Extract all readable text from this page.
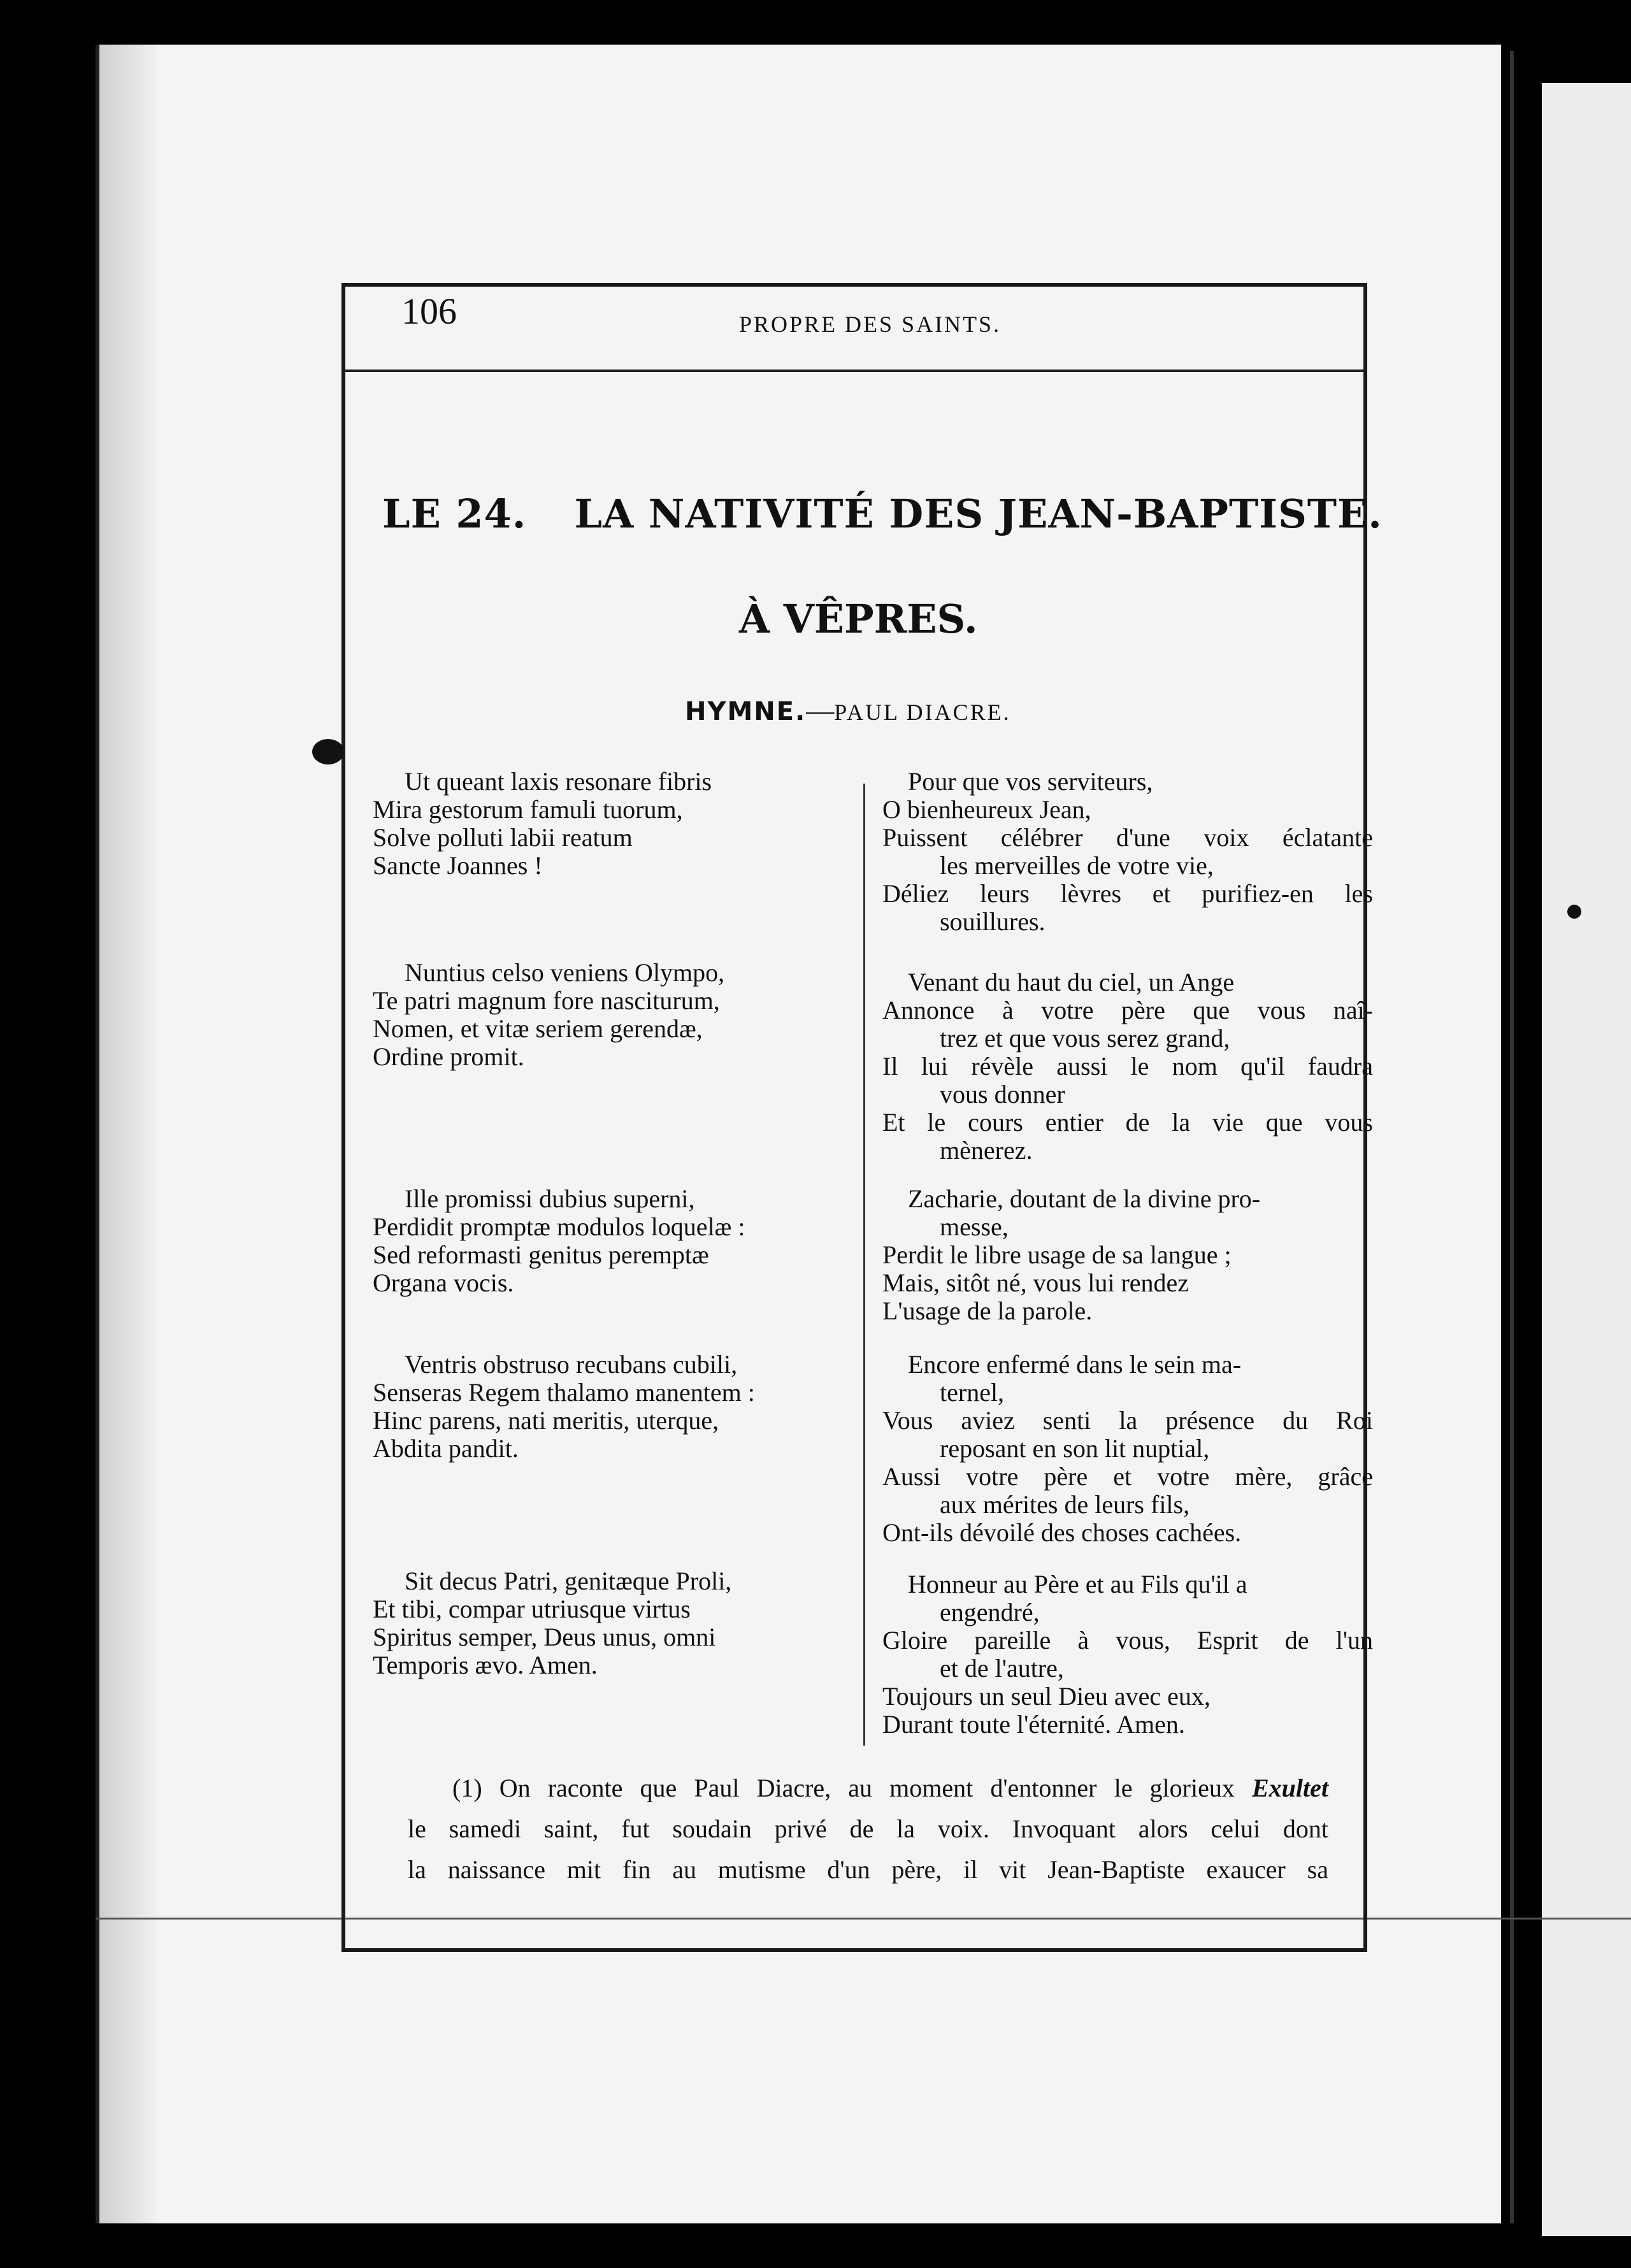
106	PROPRE DES SAINTS.
LE 24. LA NATIVITÉ DES JEAN-BAPTISTE.
À VÊPRES.
HYMNE.—PAUL DIACRE.
Ut queant laxis resonare fibris
Mira gestorum famuli tuorum,
Solve polluti labii reatum
Sancte Joannes !
Nuntius celso veniens Olympo,
Te patri magnum fore nasciturum,
Nomen, et vitæ seriem gerendæ,
Ordine promit.
Ille promissi dubius superni,
Perdidit promptæ modulos loquelæ :
Sed reformasti genitus peremptæ
Organa vocis.
Ventris obstruso recubans cubili,
Senseras Regem thalamo manentem :
Hinc parens, nati meritis, uterque,
Abdita pandit.
Sit decus Patri, genitæque Proli,
Et tibi, compar utriusque virtus
Spiritus semper, Deus unus, omni
Temporis ævo. Amen.
Pour que vos serviteurs,
O bienheureux Jean,
Puissent célébrer d'une voix éclatante
les merveilles de votre vie,
Déliez leurs lèvres et purifiez-en les
souillures.
Venant du haut du ciel, un Ange
Annonce à votre père que vous naî-
trez et que vous serez grand,
Il lui révèle aussi le nom qu'il faudra
vous donner
Et le cours entier de la vie que vous
mènerez.
Zacharie, doutant de la divine pro-
messe,
Perdit le libre usage de sa langue ;
Mais, sitôt né, vous lui rendez
L'usage de la parole.
Encore enfermé dans le sein ma-
ternel,
Vous aviez senti la présence du Roi
reposant en son lit nuptial,
Aussi votre père et votre mère, grâce
aux mérites de leurs fils,
Ont-ils dévoilé des choses cachées.
Honneur au Père et au Fils qu'il a
engendré,
Gloire pareille à vous, Esprit de l'un
et de l'autre,
Toujours un seul Dieu avec eux,
Durant toute l'éternité. Amen.
(1) On raconte que Paul Diacre, au moment d'entonner le glorieux Exultet
le samedi saint, fut soudain privé de la voix. Invoquant alors celui dont
la naissance mit fin au mutisme d'un père, il vit Jean-Baptiste exaucer sa
